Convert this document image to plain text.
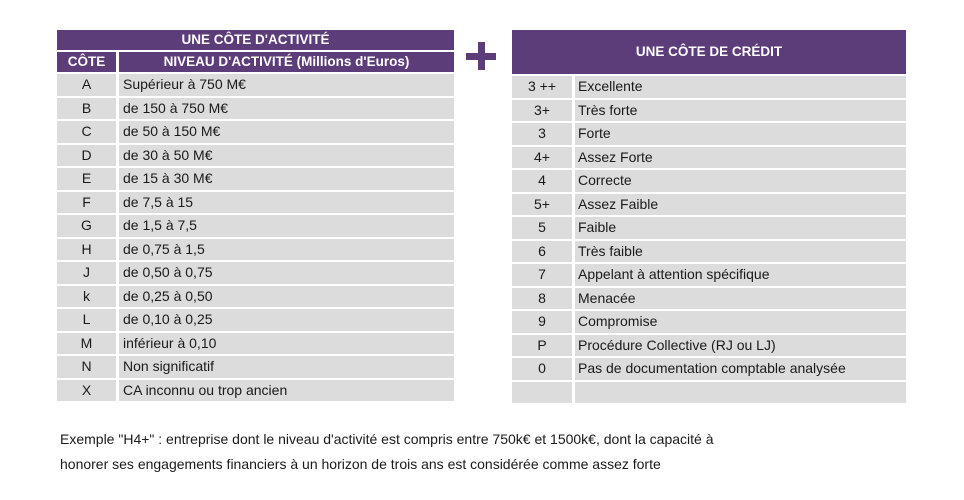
UNE CÔTE D'ACTIVITÉ	
CÔTE	NIVEAU D'ACTIVITÉ (Millions d'Euros)
A	Supérieur à 750 M€
B	de 150 à 750 M€
C	de 50 à 150 M€
D	de 30 à 50 M€
E	de 15 à 30 M€
F	de 7,5 à 15
G	de 1,5 à 7,5
H	de 0,75 à 1,5
J	de 0,50 à 0,75
k	de 0,25 à 0,50
L	de 0,10 à 0,25
M	inférieur à 0,10
N	Non significatif
X	CA inconnu ou trop ancien
UNE CÔTE DE CRÉDIT	
3 ++	Excellente
3+	Très forte
3	Forte
4+	Assez Forte
4	Correcte
5+	Assez Faible
5	Faible
6	Très faible
7	Appelant à attention spécifique
8	Menacée
9	Compromise
P	Procédure Collective (RJ ou LJ)
0	Pas de documentation comptable analysée

Exemple "H4+" : entreprise dont le niveau d'activité est compris entre 750k€ et 1500k€, dont la capacité à
honorer ses engagements financiers à un horizon de trois ans est considérée comme assez forte
